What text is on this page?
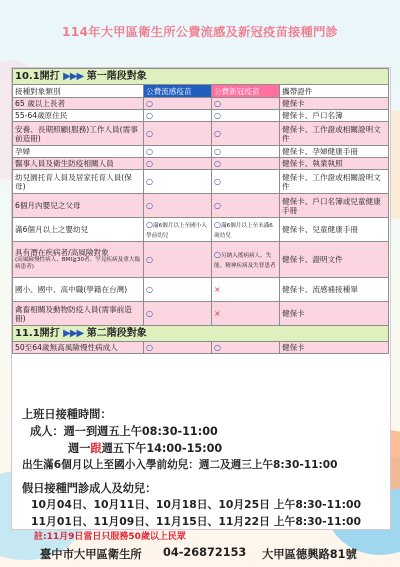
114年大甲區衛生所公費流感及新冠疫苗接種門診
10.1開打 ▶▶▶ 第一階段對象			
接種對象類別	公費流感疫苗	公費新冠疫苗	攜帶證件
65 歲以上長者	○	○	健保卡
55-64歲原住民	○	○	健保卡、戶口名簿
安養、長期照顧(服務)工作人員(需事前造冊)	○	○	健保卡、工作證或相關證明文件
孕婦	○	○	健保卡、孕婦健康手冊
醫事人員及衛生防疫相關人員	○	○	健保卡、執業執照
幼兒園托育人員及居家托育人員(保母)	○	○	健保卡、工作證或相關證明文件
6個月內嬰兒之父母	○	○	健保卡、戶口名簿或兒童健康手冊
滿6個月以上之嬰幼兒	○滿6個月以上至國小入學前幼兒	○滿6個月以上至未滿6歲幼兒	健保卡、兒童健康手冊

具有潛在疾病者/高風險對象
(高風險慢性病人、BMI≧30者、罕見疾病及重大傷病患者)	○	○另納入搖病病人、失能、精神疾病及失智患者	健保卡、證明文件
國小、國中、高中職(學籍在台灣)	○	×	健保卡、流感補接種單
禽畜相關及動物防疫人員(需事前造冊)	○	×	健保卡
11.1開打 ▶▶▶ 第二階段對象			
50至64歲無高風險慢性病成人	○	○	健保卡
上班日接種時間：
成人：週一到週五上午08:30-11:00
週一跟週五下午14:00-15:00
出生滿6個月以上至國小入學前幼兒：週二及週三上午8:30-11:00
假日接種門診成人及幼兒：
10月04日、10月11日、10月18日、10月25日 上午8:30-11:00
11月01日、11月09日、11月15日、11月22日 上午8:30-11:00
註:11月9日當日只服務50歲以上民眾
臺中市大甲區衛生所 04-26872153 大甲區德興路81號
